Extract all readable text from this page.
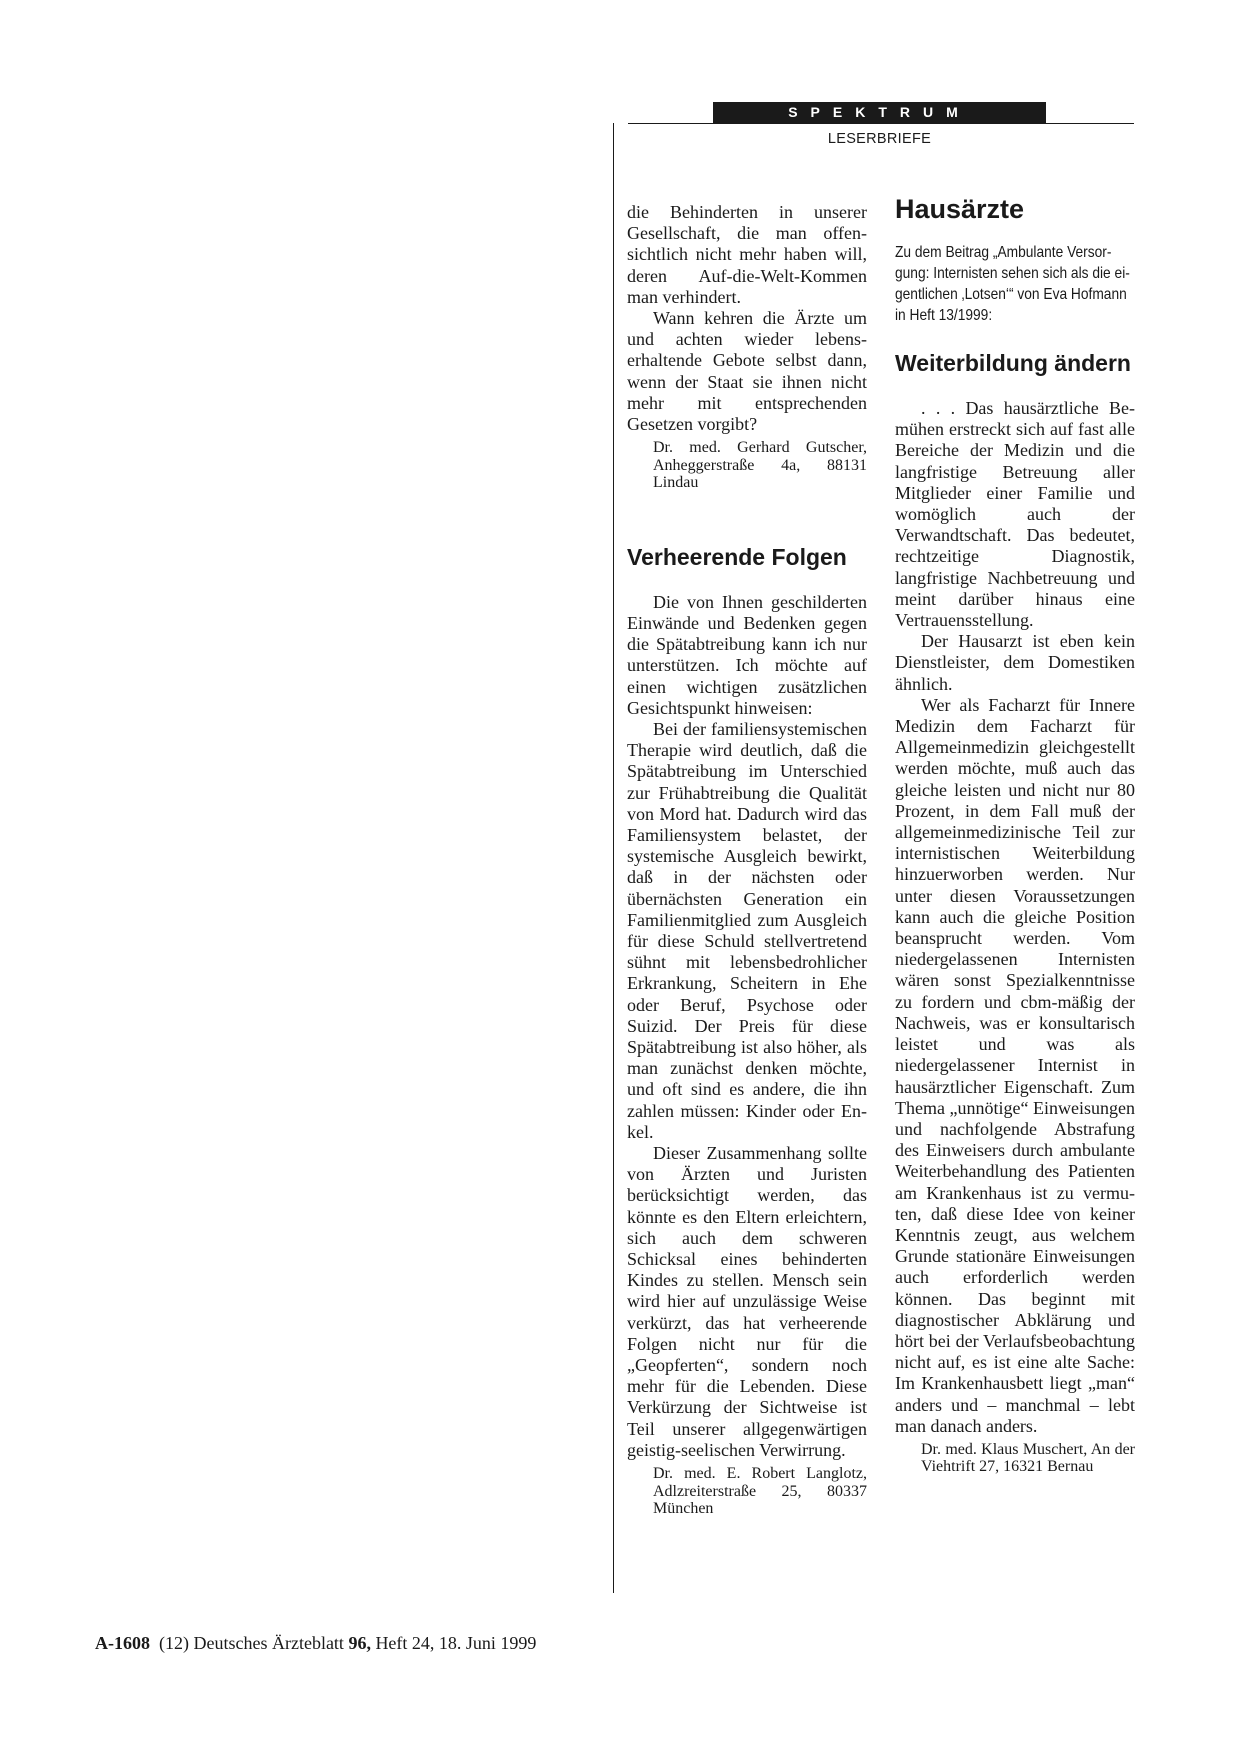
SPEKTRUM
LESERBRIEFE

die Behinderten in unserer Gesellschaft, die man offensichtlich nicht mehr haben will, deren Auf-die-Welt-Kommen man verhindert.

Wann kehren die Ärzte um und achten wieder lebenserhaltende Gebote selbst dann, wenn der Staat sie ihnen nicht mehr mit entsprechenden Gesetzen vorgibt?

Dr. med. Gerhard Gutscher, Anheggerstraße 4a, 88131 Lindau
Verheerende Folgen

Die von Ihnen geschilderten Einwände und Bedenken gegen die Spätabtreibung kann ich nur unterstützen. Ich möchte auf einen wichtigen zusätzlichen Gesichtspunkt hinweisen:

Bei der familiensystemischen Therapie wird deutlich, daß die Spätabtreibung im Unterschied zur Frühabtreibung die Qualität von Mord hat. Dadurch wird das Familiensystem belastet, der systemische Ausgleich bewirkt, daß in der nächsten oder übernächsten Generation ein Familienmitglied zum Ausgleich für diese Schuld stellvertretend sühnt mit lebensbedrohlicher Erkrankung, Scheitern in Ehe oder Beruf, Psychose oder Suizid. Der Preis für diese Spätabtreibung ist also höher, als man zunächst denken möchte, und oft sind es andere, die ihn zahlen müssen: Kinder oder Enkel.

Dieser Zusammenhang sollte von Ärzten und Juristen berücksichtigt werden, das könnte es den Eltern erleichtern, sich auch dem schweren Schicksal eines behinderten Kindes zu stellen. Mensch sein wird hier auf unzulässige Weise verkürzt, das hat verheerende Folgen nicht nur für die „Geopferten“, sondern noch mehr für die Lebenden. Diese Verkürzung der Sichtweise ist Teil unserer allgegenwärtigen geistig-seelischen Verwirrung.

Dr. med. E. Robert Langlotz, Adlzreiterstraße 25, 80337 München
Hausärzte
Zu dem Beitrag „Ambulante Versorgung: Internisten sehen sich als die eigentlichen ‚Lotsen‘“ von Eva Hofmann in Heft 13/1999:
Weiterbildung ändern

. . . Das hausärztliche Bemühen erstreckt sich auf fast alle Bereiche der Medizin und die langfristige Betreuung aller Mitglieder einer Familie und womöglich auch der Verwandtschaft. Das bedeutet, rechtzeitige Diagnostik, langfristige Nachbetreuung und meint darüber hinaus eine Vertrauensstellung.

Der Hausarzt ist eben kein Dienstleister, dem Domestiken ähnlich.

Wer als Facharzt für Innere Medizin dem Facharzt für Allgemeinmedizin gleichgestellt werden möchte, muß auch das gleiche leisten und nicht nur 80 Prozent, in dem Fall muß der allgemeinmedizinische Teil zur internistischen Weiterbildung hinzuerworben werden. Nur unter diesen Voraussetzungen kann auch die gleiche Position beansprucht werden. Vom niedergelassenen Internisten wären sonst Spezialkenntnisse zu fordern und cbm-mäßig der Nachweis, was er konsultarisch leistet und was als niedergelassener Internist in hausärztlicher Eigenschaft. Zum Thema „unnötige“ Einweisungen und nachfolgende Abstrafung des Einweisers durch ambulante Weiterbehandlung des Patienten am Krankenhaus ist zu vermuten, daß diese Idee von keiner Kenntnis zeugt, aus welchem Grunde stationäre Einweisungen auch erforderlich werden können. Das beginnt mit diagnostischer Abklärung und hört bei der Verlaufsbeobachtung nicht auf, es ist eine alte Sache: Im Krankenhausbett liegt „man“ anders und – manchmal – lebt man danach anders.

Dr. med. Klaus Muschert, An der Viehtrift 27, 16321 Bernau
A-1608 (12) Deutsches Ärzteblatt 96, Heft 24, 18. Juni 1999
